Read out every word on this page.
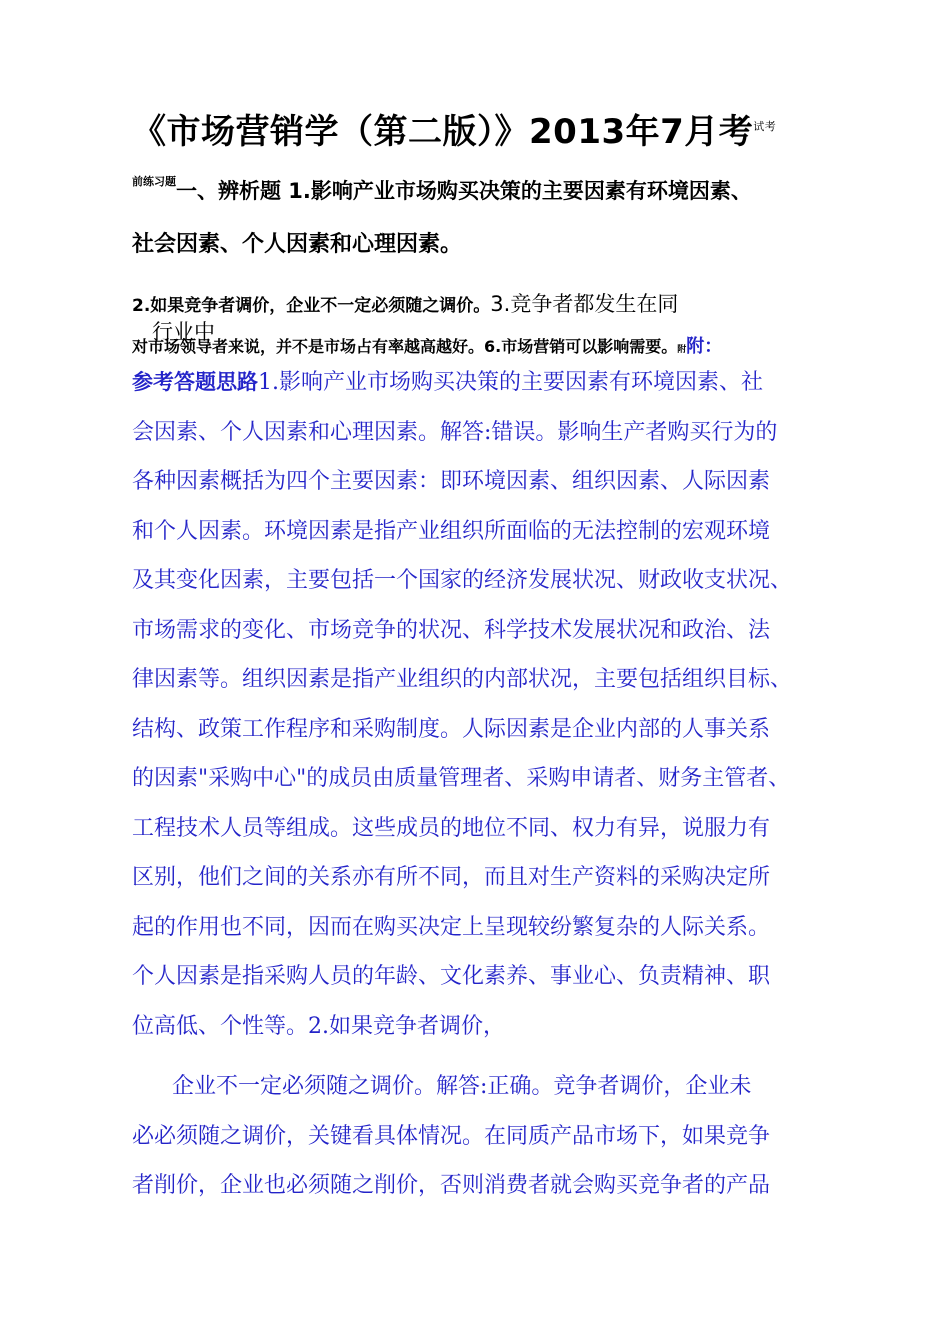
《市场营销学（第二版）》2013年7月考$^{试考}$
$^{前练习题}$一、辨析题 1.影响产业市场购买决策的主要因素有环境因素、
社会因素、个人因素和心理因素。
2.如果竞争者调价，企业不一定必须随之调价。3.竞争者都发生在同
行业中
对市场领导者来说，并不是市场占有率越高越好。6.市场营销可以影响需要。附附：
参考答题思路1.影响产业市场购买决策的主要因素有环境因素、社
会因素、个人因素和心理因素。解答:错误。影响生产者购买行为的
各种因素概括为四个主要因素：即环境因素、组织因素、人际因素
和个人因素。环境因素是指产业组织所面临的无法控制的宏观环境
及其变化因素，主要包括一个国家的经济发展状况、财政收支状况、
市场需求的变化、市场竞争的状况、科学技术发展状况和政治、法
律因素等。组织因素是指产业组织的内部状况，主要包括组织目标、
结构、政策工作程序和采购制度。人际因素是企业内部的人事关系
的因素"采购中心"的成员由质量管理者、采购申请者、财务主管者、
工程技术人员等组成。这些成员的地位不同、权力有异，说服力有
区别，他们之间的关系亦有所不同，而且对生产资料的采购决定所
起的作用也不同，因而在购买决定上呈现较纷繁复杂的人际关系。
个人因素是指采购人员的年龄、文化素养、事业心、负责精神、职
位高低、个性等。2.如果竞争者调价，
企业不一定必须随之调价。解答:正确。竞争者调价，企业未
必必须随之调价，关键看具体情况。在同质产品市场下，如果竞争
者削价，企业也必须随之削价，否则消费者就会购买竞争者的产品
